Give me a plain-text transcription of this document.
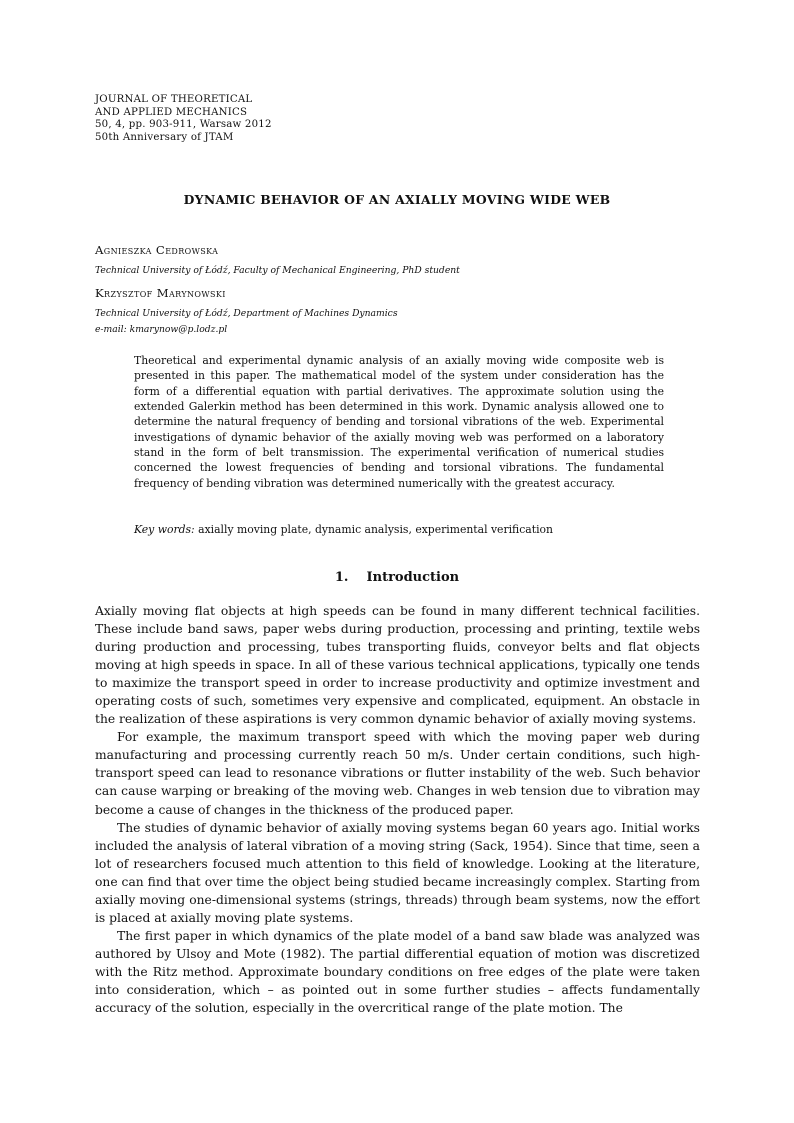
JOURNAL OF THEORETICAL
AND APPLIED MECHANICS
50, 4, pp. 903-911, Warsaw 2012
50th Anniversary of JTAM
DYNAMIC BEHAVIOR OF AN AXIALLY MOVING WIDE WEB
Agnieszka Cedrowska
Technical University of Łódź, Faculty of Mechanical Engineering, PhD student
Krzysztof Marynowski
Technical University of Łódź, Department of Machines Dynamics
e-mail: kmarynow@p.lodz.pl
Theoretical and experimental dynamic analysis of an axially moving wide composite web is presented in this paper. The mathematical model of the system under consideration has the form of a differential equation with partial derivatives. The approximate solution using the extended Galerkin method has been determined in this work. Dynamic analysis allowed one to determine the natural frequency of bending and torsional vibrations of the web. Experimental investigations of dynamic behavior of the axially moving web was performed on a laboratory stand in the form of belt transmission. The experimental verification of numerical studies concerned the lowest frequencies of bending and torsional vibrations. The fundamental frequency of bending vibration was determined numerically with the greatest accuracy.
Key words: axially moving plate, dynamic analysis, experimental verification
1.    Introduction

Axially moving flat objects at high speeds can be found in many different technical facilities. These include band saws, paper webs during production, processing and printing, textile webs during production and processing, tubes transporting fluids, conveyor belts and flat objects moving at high speeds in space. In all of these various technical applications, typically one tends to maximize the transport speed in order to increase productivity and optimize investment and operating costs of such, sometimes very expensive and complicated, equipment. An obstacle in the realization of these aspirations is very common dynamic behavior of axially moving systems.

For example, the maximum transport speed with which the moving paper web during manufacturing and processing currently reach 50 m/s. Under certain conditions, such high-transport speed can lead to resonance vibrations or flutter instability of the web. Such behavior can cause warping or breaking of the moving web. Changes in web tension due to vibration may become a cause of changes in the thickness of the produced paper.

The studies of dynamic behavior of axially moving systems began 60 years ago. Initial works included the analysis of lateral vibration of a moving string (Sack, 1954). Since that time, seen a lot of researchers focused much attention to this field of knowledge. Looking at the literature, one can find that over time the object being studied became increasingly complex. Starting from axially moving one-dimensional systems (strings, threads) through beam systems, now the effort is placed at axially moving plate systems.

The first paper in which dynamics of the plate model of a band saw blade was analyzed was authored by Ulsoy and Mote (1982). The partial differential equation of motion was discretized with the Ritz method. Approximate boundary conditions on free edges of the plate were taken into consideration, which – as pointed out in some further studies – affects fundamentally accuracy of the solution, especially in the overcritical range of the plate motion. The
